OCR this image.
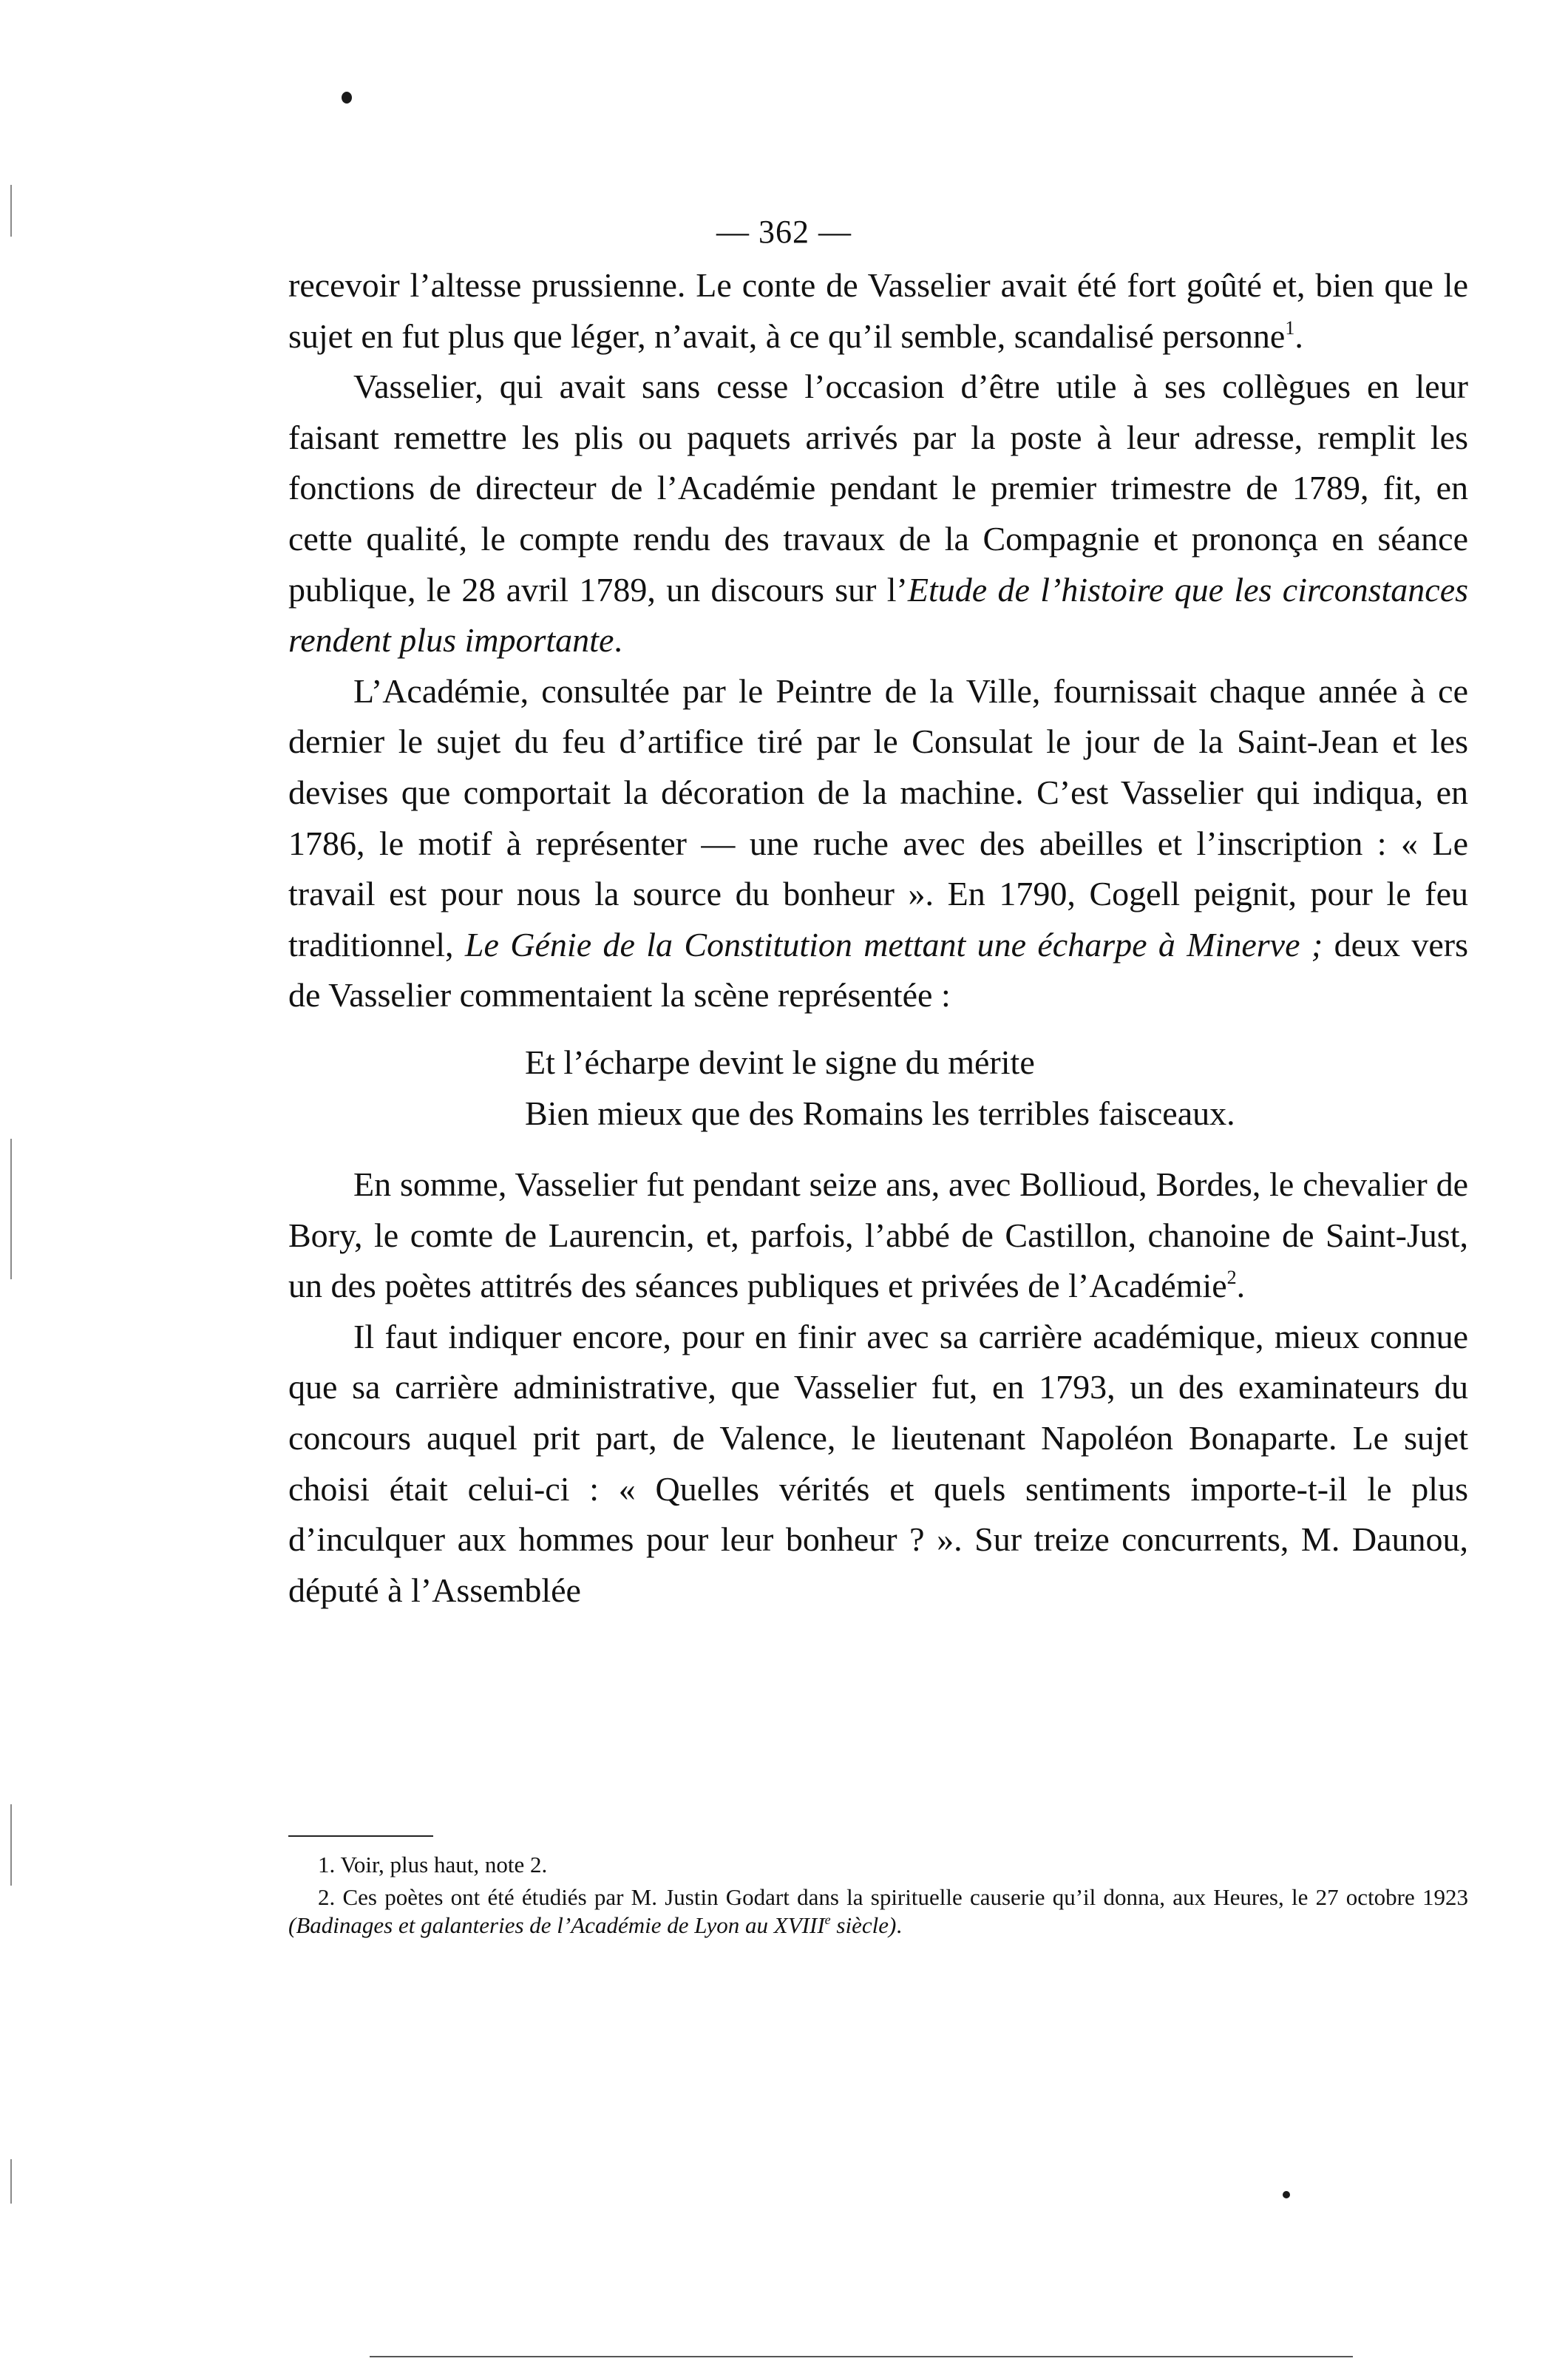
— 362 —

recevoir l’altesse prussienne. Le conte de Vasselier avait été fort goûté et, bien que le sujet en fut plus que léger, n’avait, à ce qu’il semble, scandalisé personne$^1$.

Vasselier, qui avait sans cesse l’occasion d’être utile à ses collègues en leur faisant remettre les plis ou paquets arrivés par la poste à leur adresse, remplit les fonctions de directeur de l’Académie pendant le premier trimestre de 1789, fit, en cette qualité, le compte rendu des travaux de la Compagnie et prononça en séance publique, le 28 avril 1789, un discours sur l’Etude de l’histoire que les circonstances rendent plus importante.

L’Académie, consultée par le Peintre de la Ville, fournissait chaque année à ce dernier le sujet du feu d’artifice tiré par le Consulat le jour de la Saint-Jean et les devises que comportait la décoration de la machine. C’est Vasselier qui indiqua, en 1786, le motif à représenter — une ruche avec des abeilles et l’inscription : « Le travail est pour nous la source du bonheur ». En 1790, Cogell peignit, pour le feu traditionnel, Le Génie de la Constitution mettant une écharpe à Minerve ; deux vers de Vasselier commentaient la scène représentée :

Et l’écharpe devint le signe du mérite
Bien mieux que des Romains les terribles faisceaux.

En somme, Vasselier fut pendant seize ans, avec Bollioud, Bordes, le chevalier de Bory, le comte de Laurencin, et, parfois, l’abbé de Castillon, chanoine de Saint-Just, un des poètes attitrés des séances publiques et privées de l’Académie$^2$.

Il faut indiquer encore, pour en finir avec sa carrière académique, mieux connue que sa carrière administrative, que Vasselier fut, en 1793, un des examinateurs du concours auquel prit part, de Valence, le lieutenant Napoléon Bonaparte. Le sujet choisi était celui-ci : « Quelles vérités et quels sentiments importe-t-il le plus d’inculquer aux hommes pour leur bonheur ? ». Sur treize concurrents, M. Daunou, député à l’Assemblée

1. Voir, plus haut, note 2.

2. Ces poètes ont été étudiés par M. Justin Godart dans la spirituelle causerie qu’il donna, aux Heures, le 27 octobre 1923 (Badinages et galanteries de l’Académie de Lyon au XVIIIe siècle).
